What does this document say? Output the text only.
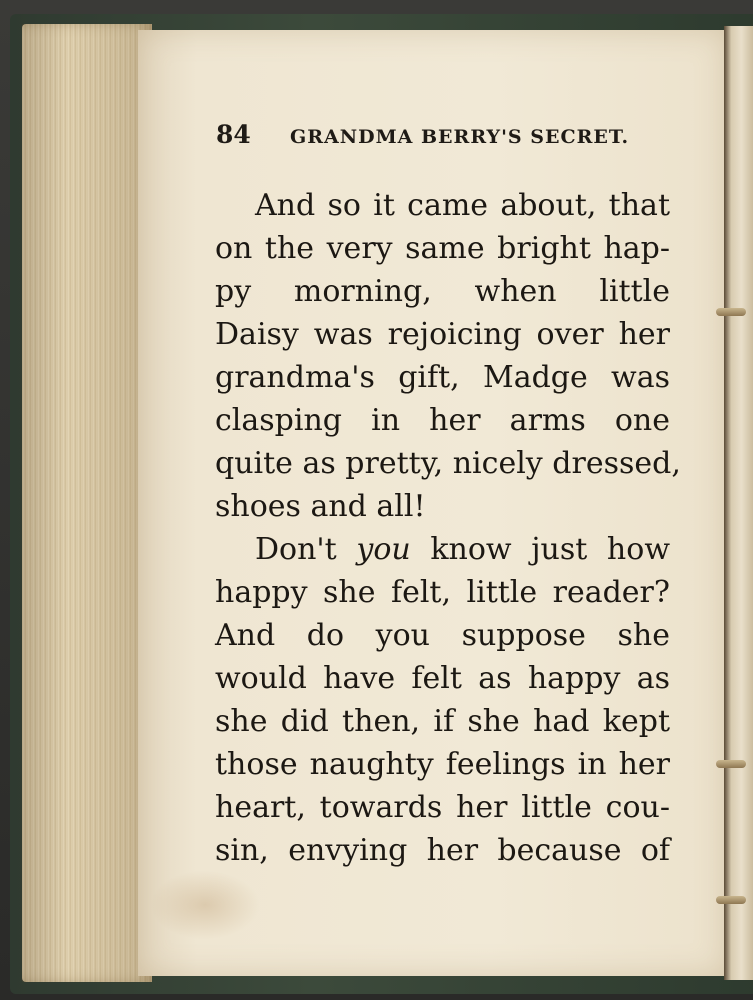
84 GRANDMA BERRY'S SECRET.
And so it came about, that
on the very same bright hap-
py morning, when little
Daisy was rejoicing over her
grandma's gift, Madge was
clasping in her arms one
quite as pretty, nicely dressed,
shoes and all!
Don't you know just how
happy she felt, little reader?
And do you suppose she
would have felt as happy as
she did then, if she had kept
those naughty feelings in her
heart, towards her little cou-
sin, envying her because of
